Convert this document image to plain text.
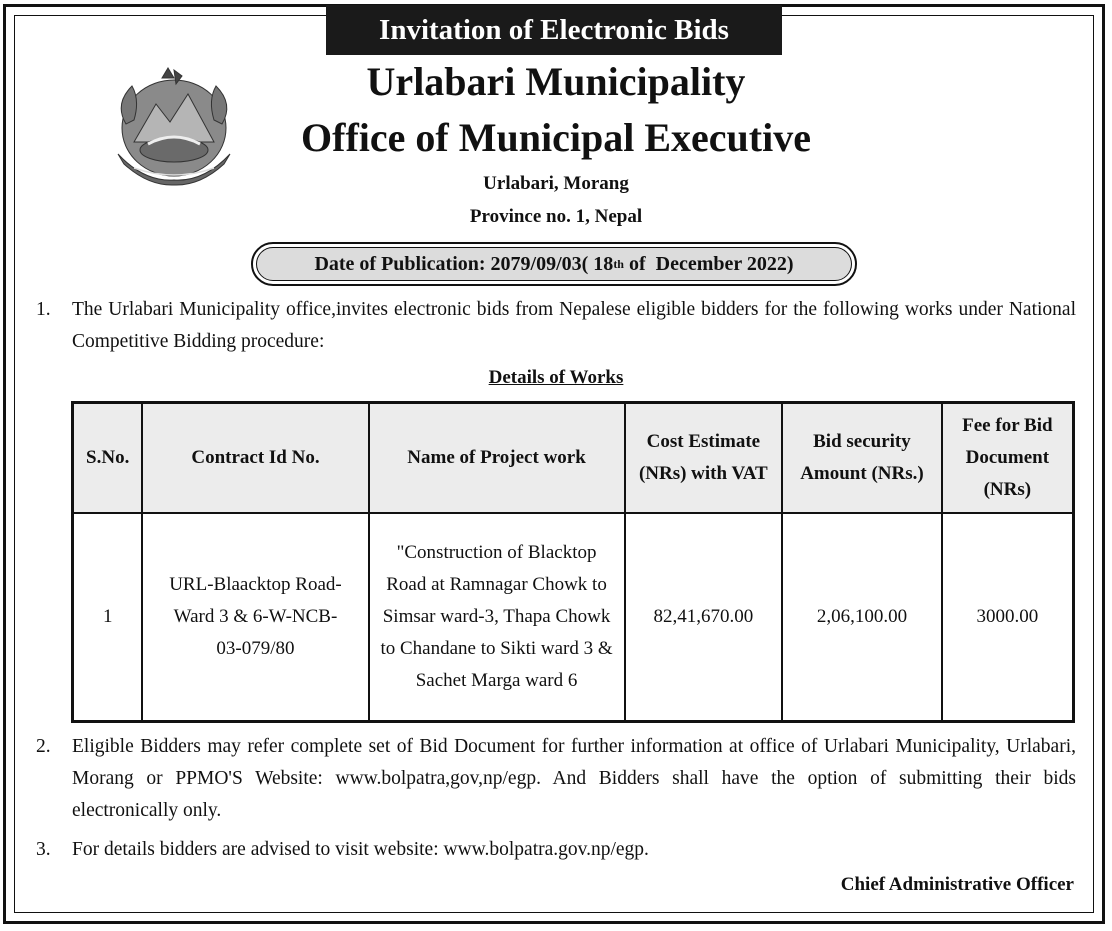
Invitation of Electronic Bids
Urlabari Municipality
Office of Municipal Executive
Urlabari, Morang
Province no. 1, Nepal
Date of Publication: 2079/09/03( 18 th of  December 2022)
1. The Urlabari Municipality office,invites electronic bids from Nepalese eligible bidders for the following works under National Competitive Bidding procedure:
Details of Works
S.No.	Contract Id No.	Name of Project work	Cost Estimate (NRs) with VAT	Bid security Amount (NRs.)	Fee for Bid Document (NRs)
1	URL-Blaacktop Road-Ward 3 & 6-W-NCB-03-079/80	"Construction of Blacktop Road at Ramnagar Chowk to Simsar ward-3, Thapa Chowk to Chandane to Sikti ward 3 & Sachet Marga ward 6	82,41,670.00	2,06,100.00	3000.00
2. Eligible Bidders may refer complete set of Bid Document for further information at office of Urlabari Municipality, Urlabari, Morang or PPMO'S Website: www.bolpatra,gov,np/egp. And Bidders shall have the option of submitting their bids electronically only.
3. For details bidders are advised to visit website: www.bolpatra.gov.np/egp.
Chief Administrative Officer
